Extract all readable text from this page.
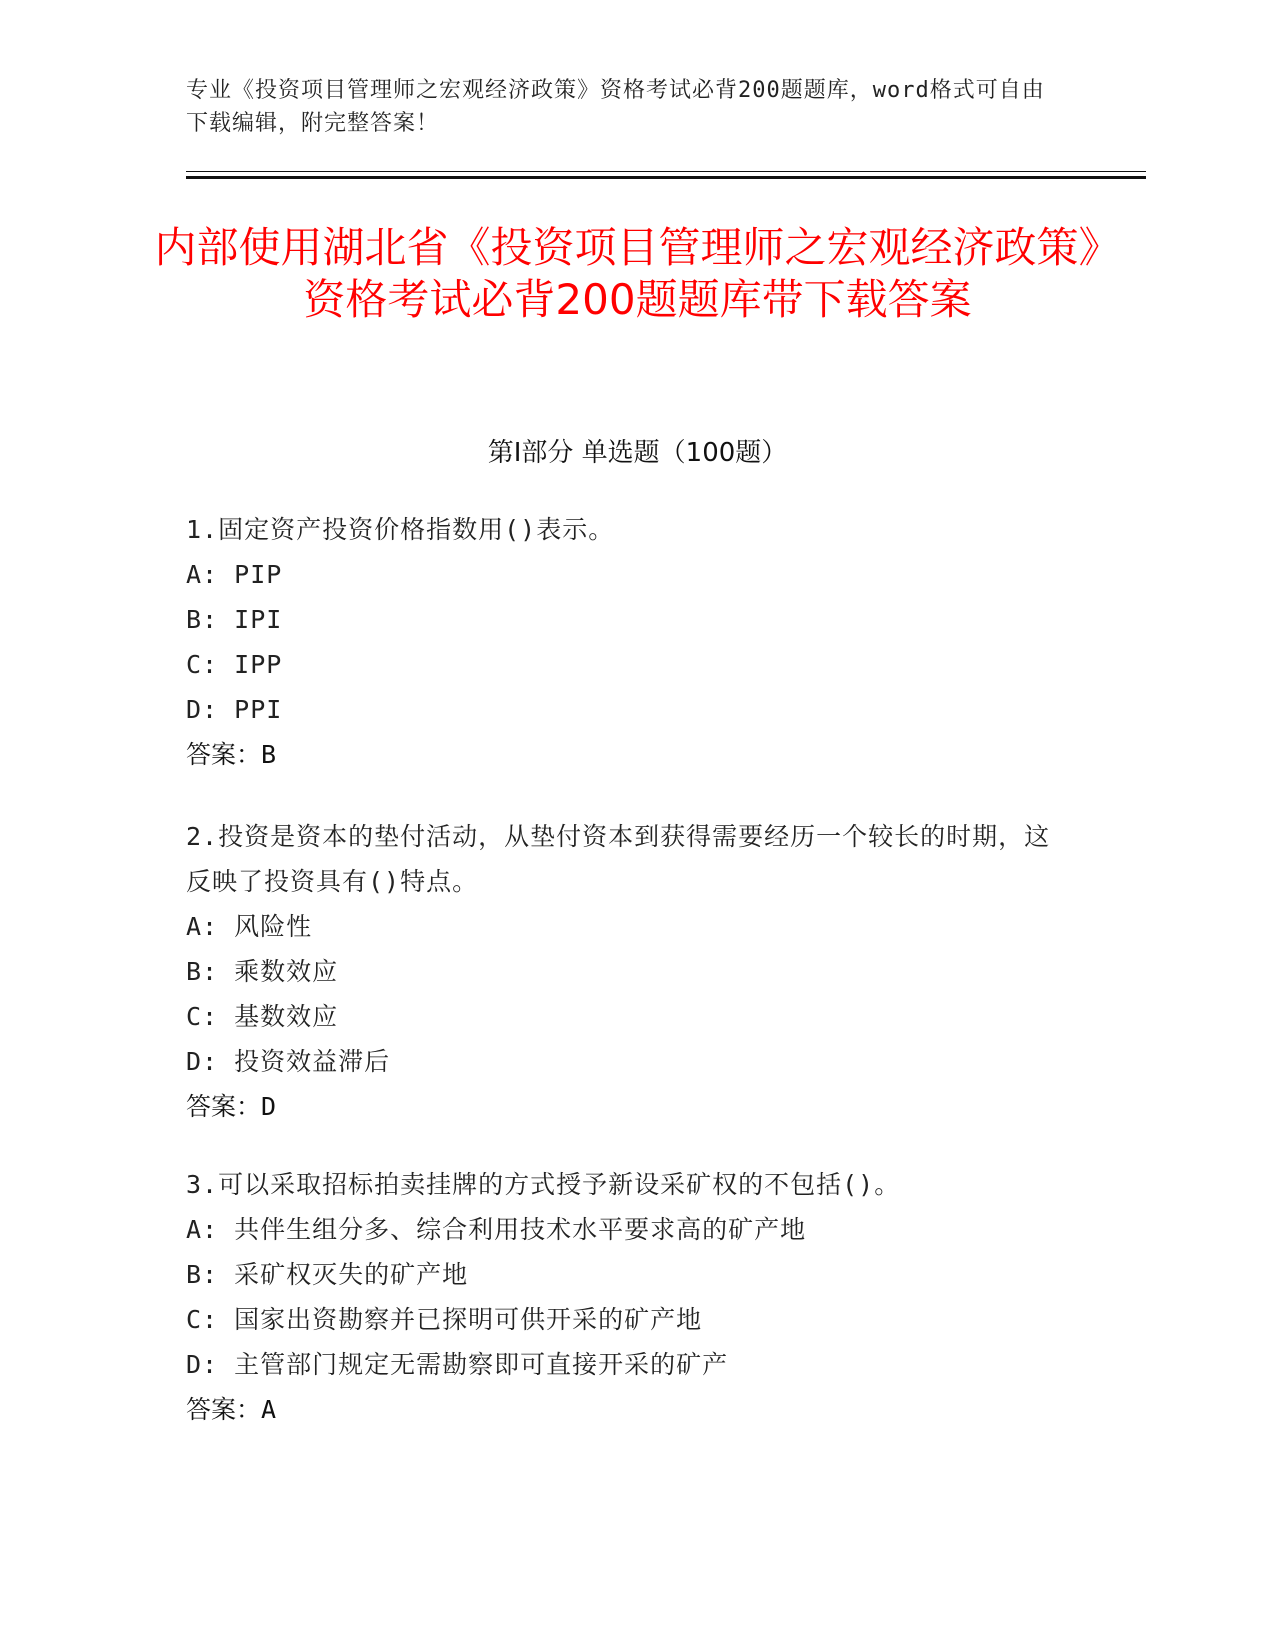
专业《投资项目管理师之宏观经济政策》资格考试必背200题题库，word格式可自由下载编辑，附完整答案！
内部使用湖北省《投资项目管理师之宏观经济政策》资格考试必背200题题库带下载答案
第Ⅰ部分 单选题（100题）
1.固定资产投资价格指数用()表示。
A: PIP
B: IPI
C: IPP
D: PPI
答案：B
2.投资是资本的垫付活动，从垫付资本到获得需要经历一个较长的时期，这反映了投资具有()特点。
A: 风险性
B: 乘数效应
C: 基数效应
D: 投资效益滞后
答案：D
3.可以采取招标拍卖挂牌的方式授予新设采矿权的不包括()。
A: 共伴生组分多、综合利用技术水平要求高的矿产地
B: 采矿权灭失的矿产地
C: 国家出资勘察并已探明可供开采的矿产地
D: 主管部门规定无需勘察即可直接开采的矿产
答案：A
